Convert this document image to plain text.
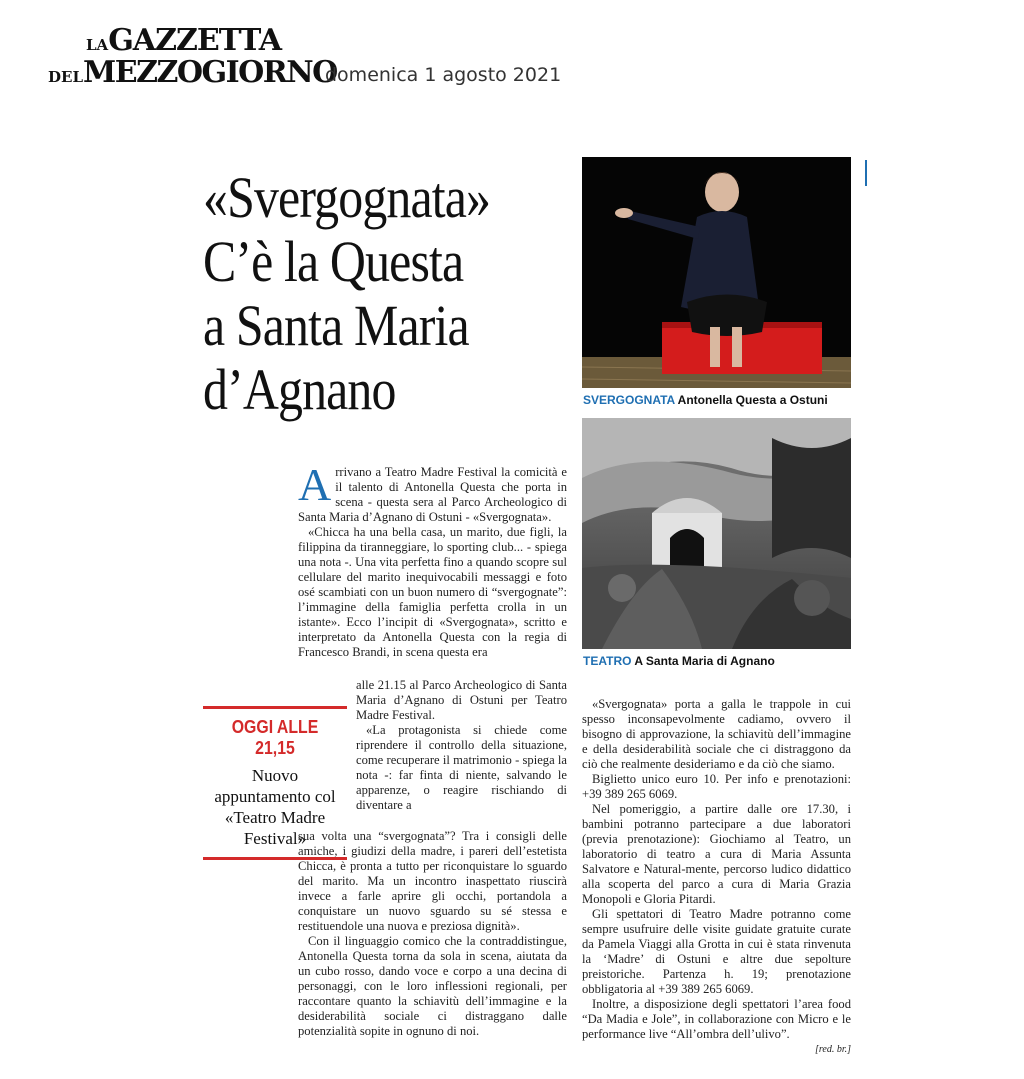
LAGAZZETTA
DELMEZZOGIORNO
domenica 1 agosto 2021
«Svergognata»
C’è la Questa
a Santa Maria
d’Agnano	SVERGOGNATA Antonella Questa a Ostuni
TEATRO A Santa Maria di Agnano
A rrivano a Teatro Madre Festival la comicità e il talento di Antonella Questa che porta in scena - questa sera al Parco Archeologico di Santa Maria d’Agnano di Ostuni - «Svergognata».

«Chicca ha una bella casa, un marito, due figli, la filippina da tiranneggiare, lo sporting club... - spiega una nota -. Una vita perfetta fino a quando scopre sul cellulare del marito inequivocabili messaggi e foto osé scambiati con un buon numero di “svergognate”: l’immagine della famiglia perfetta crolla in un istante». Ecco l’incipit di «Svergognata», scritto e interpretato da Antonella Questa con la regia di Francesco Brandi, in scena questa era

OGGI ALLE 21,15
Nuovo appuntamento col «Teatro Madre Festival»

alle 21.15 al Parco Archeologico di Santa Maria d’Agnano di Ostuni per Teatro Madre Festival.

«La protagonista si chiede come riprendere il controllo della situazione, come recuperare il matrimonio - spiega la nota -: far finta di niente, salvando le apparenze, o reagire rischiando di diventare a

sua volta una “svergognata”? Tra i consigli delle amiche, i giudizi della madre, i pareri dell’estetista Chicca, è pronta a tutto per riconquistare lo sguardo del marito. Ma un incontro inaspettato riuscirà invece a farle aprire gli occhi, portandola a conquistare un nuovo sguardo su sé stessa e restituendole una nuova e preziosa dignità».

Con il linguaggio comico che la contraddistingue, Antonella Questa torna da sola in scena, aiutata da un cubo rosso, dando voce e corpo a una decina di personaggi, con le loro inflessioni regionali, per raccontare quanto la schiavitù dell’immagine e la desiderabilità sociale ci distraggano dalle potenzialità sopite in ognuno di noi.

«Svergognata» porta a galla le trappole in cui spesso inconsapevolmente cadiamo, ovvero il bisogno di approvazione, la schiavitù dell’immagine e della desiderabilità sociale che ci distraggono da ciò che realmente desideriamo e da ciò che siamo.

Biglietto unico euro 10. Per info e prenotazioni: +39 389 265 6069.

Nel pomeriggio, a partire dalle ore 17.30, i bambini potranno partecipare a due laboratori (previa prenotazione): Giochiamo al Teatro, un laboratorio di teatro a cura di Maria Assunta Salvatore e Natural-mente, percorso ludico didattico alla scoperta del parco a cura di Maria Grazia Monopoli e Gloria Pitardi.

Gli spettatori di Teatro Madre potranno come sempre usufruire delle visite guidate gratuite curate da Pamela Viaggi alla Grotta in cui è stata rinvenuta la ‘Madre’ di Ostuni e altre due sepolture preistoriche. Partenza h. 19; prenotazione obbligatoria al +39 389 265 6069.

Inoltre, a disposizione degli spettatori l’area food “Da Madia e Jole”, in collaborazione con Micro e le performance live “All’ombra dell’ulivo”.

[red. br.]
